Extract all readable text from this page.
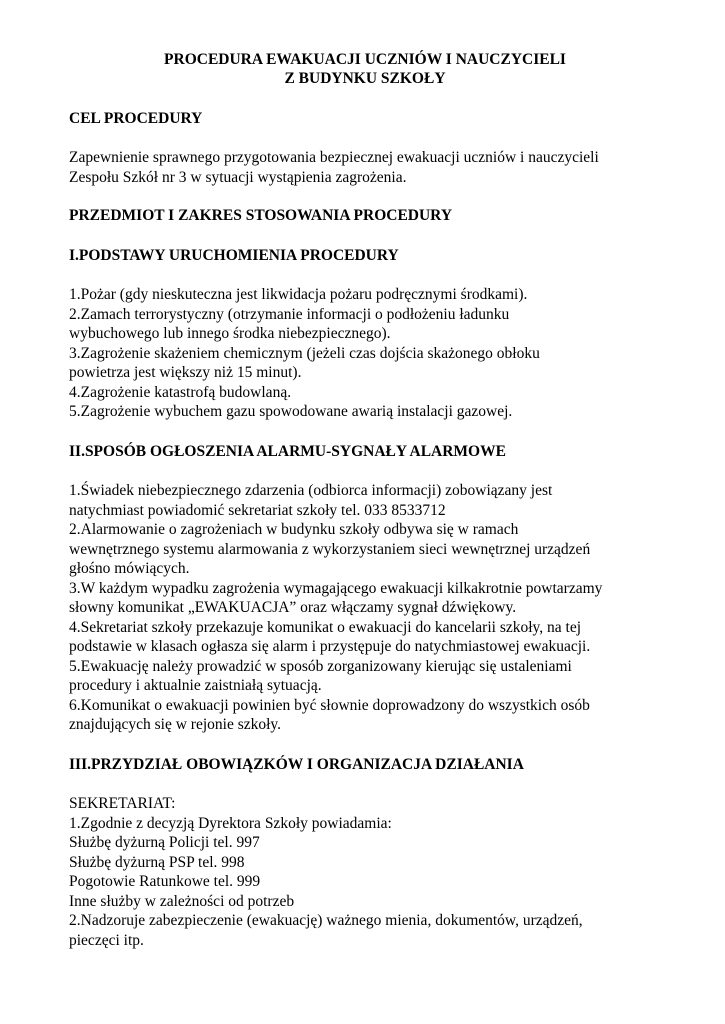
PROCEDURA EWAKUACJI UCZNIÓW I NAUCZYCIELI
Z BUDYNKU SZKOŁY
CEL PROCEDURY
Zapewnienie sprawnego przygotowania bezpiecznej ewakuacji uczniów i nauczycieli
Zespołu Szkół nr 3 w sytuacji wystąpienia zagrożenia.
PRZEDMIOT I ZAKRES STOSOWANIA PROCEDURY
I.PODSTAWY URUCHOMIENIA PROCEDURY
1.Pożar (gdy nieskuteczna jest likwidacja pożaru podręcznymi środkami).
2.Zamach terrorystyczny (otrzymanie informacji o podłożeniu ładunku
wybuchowego lub innego środka niebezpiecznego).
3.Zagrożenie skażeniem chemicznym (jeżeli czas dojścia skażonego obłoku
powietrza jest większy niż 15 minut).
4.Zagrożenie katastrofą budowlaną.
5.Zagrożenie wybuchem gazu spowodowane awarią instalacji gazowej.
II.SPOSÓB OGŁOSZENIA ALARMU-SYGNAŁY ALARMOWE
1.Świadek niebezpiecznego zdarzenia (odbiorca informacji) zobowiązany jest
natychmiast powiadomić sekretariat szkoły tel. 033 8533712
2.Alarmowanie o zagrożeniach w budynku szkoły odbywa się w ramach
wewnętrznego systemu alarmowania z wykorzystaniem sieci wewnętrznej urządzeń
głośno mówiących.
3.W każdym wypadku zagrożenia wymagającego ewakuacji kilkakrotnie powtarzamy
słowny komunikat „EWAKUACJA” oraz włączamy sygnał dźwiękowy.
4.Sekretariat szkoły przekazuje komunikat o ewakuacji do kancelarii szkoły, na tej
podstawie w klasach ogłasza się alarm i przystępuje do natychmiastowej ewakuacji.
5.Ewakuację należy prowadzić w sposób zorganizowany kierując się ustaleniami
procedury i aktualnie zaistniałą sytuacją.
6.Komunikat o ewakuacji powinien być słownie doprowadzony do wszystkich osób
znajdujących się w rejonie szkoły.
III.PRZYDZIAŁ OBOWIĄZKÓW I ORGANIZACJA DZIAŁANIA
SEKRETARIAT:
1.Zgodnie z decyzją Dyrektora Szkoły powiadamia:
Służbę dyżurną Policji tel. 997
Służbę dyżurną PSP tel. 998
Pogotowie Ratunkowe tel. 999
Inne służby w zależności od potrzeb
2.Nadzoruje zabezpieczenie (ewakuację) ważnego mienia, dokumentów, urządzeń,
pieczęci itp.
